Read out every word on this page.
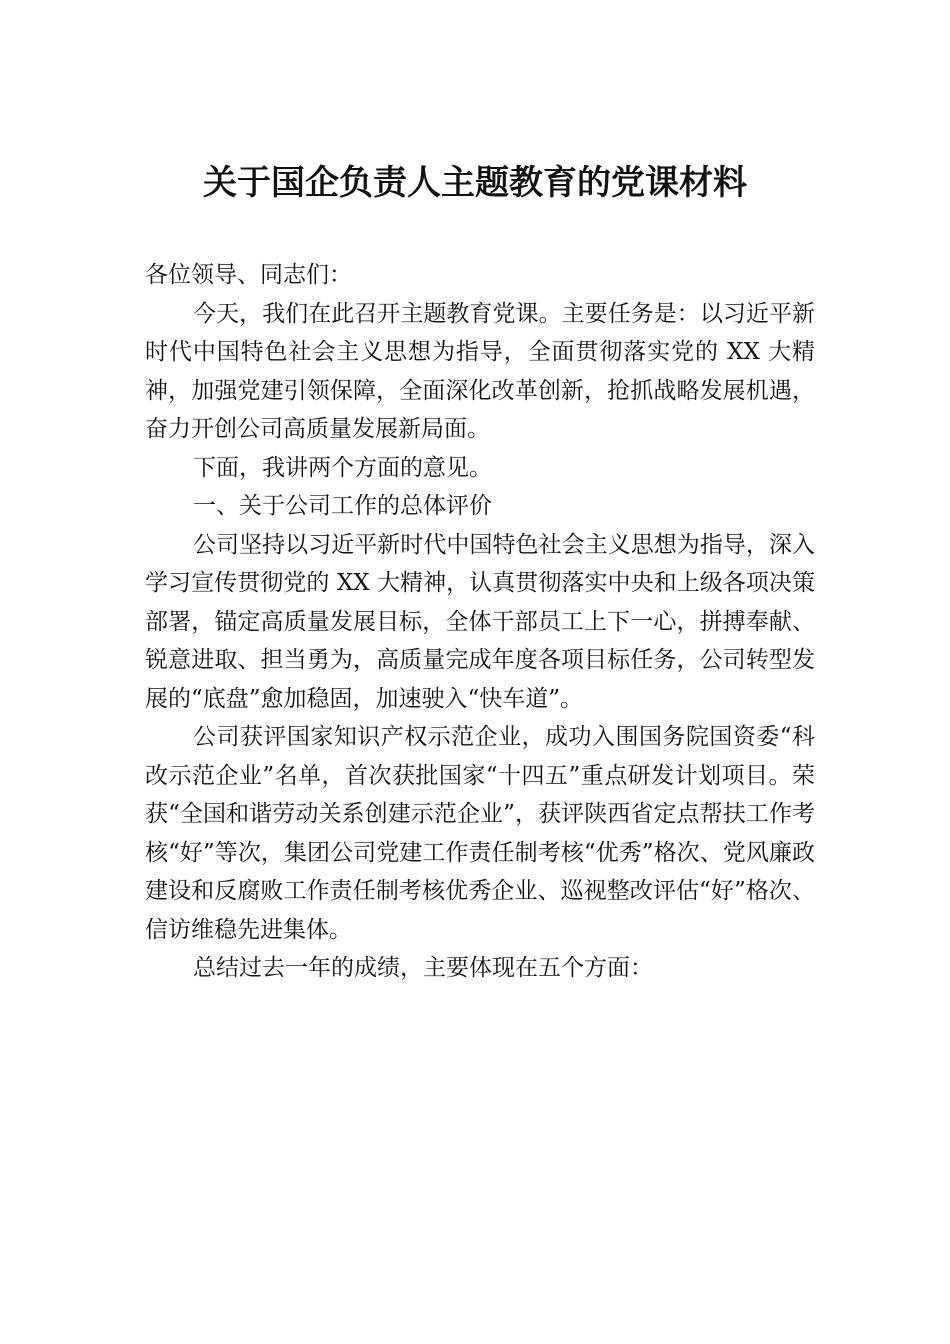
关于国企负责人主题教育的党课材料

各位领导、同志们：

今天，我们在此召开主题教育党课。主要任务是：以习近平新时代中国特色社会主义思想为指导，全面贯彻落实党的 XX 大精神，加强党建引领保障，全面深化改革创新，抢抓战略发展机遇，奋力开创公司高质量发展新局面。

下面，我讲两个方面的意见。

一、关于公司工作的总体评价

公司坚持以习近平新时代中国特色社会主义思想为指导，深入学习宣传贯彻党的 XX 大精神，认真贯彻落实中央和上级各项决策部署，锚定高质量发展目标，全体干部员工上下一心，拼搏奉献、锐意进取、担当勇为，高质量完成年度各项目标任务，公司转型发展的“底盘”愈加稳固，加速驶入“快车道”。

公司获评国家知识产权示范企业，成功入围国务院国资委“科改示范企业”名单，首次获批国家“十四五”重点研发计划项目。荣获“全国和谐劳动关系创建示范企业”，获评陕西省定点帮扶工作考核“好”等次，集团公司党建工作责任制考核“优秀”格次、党风廉政建设和反腐败工作责任制考核优秀企业、巡视整改评估“好”格次、信访维稳先进集体。

总结过去一年的成绩，主要体现在五个方面：
